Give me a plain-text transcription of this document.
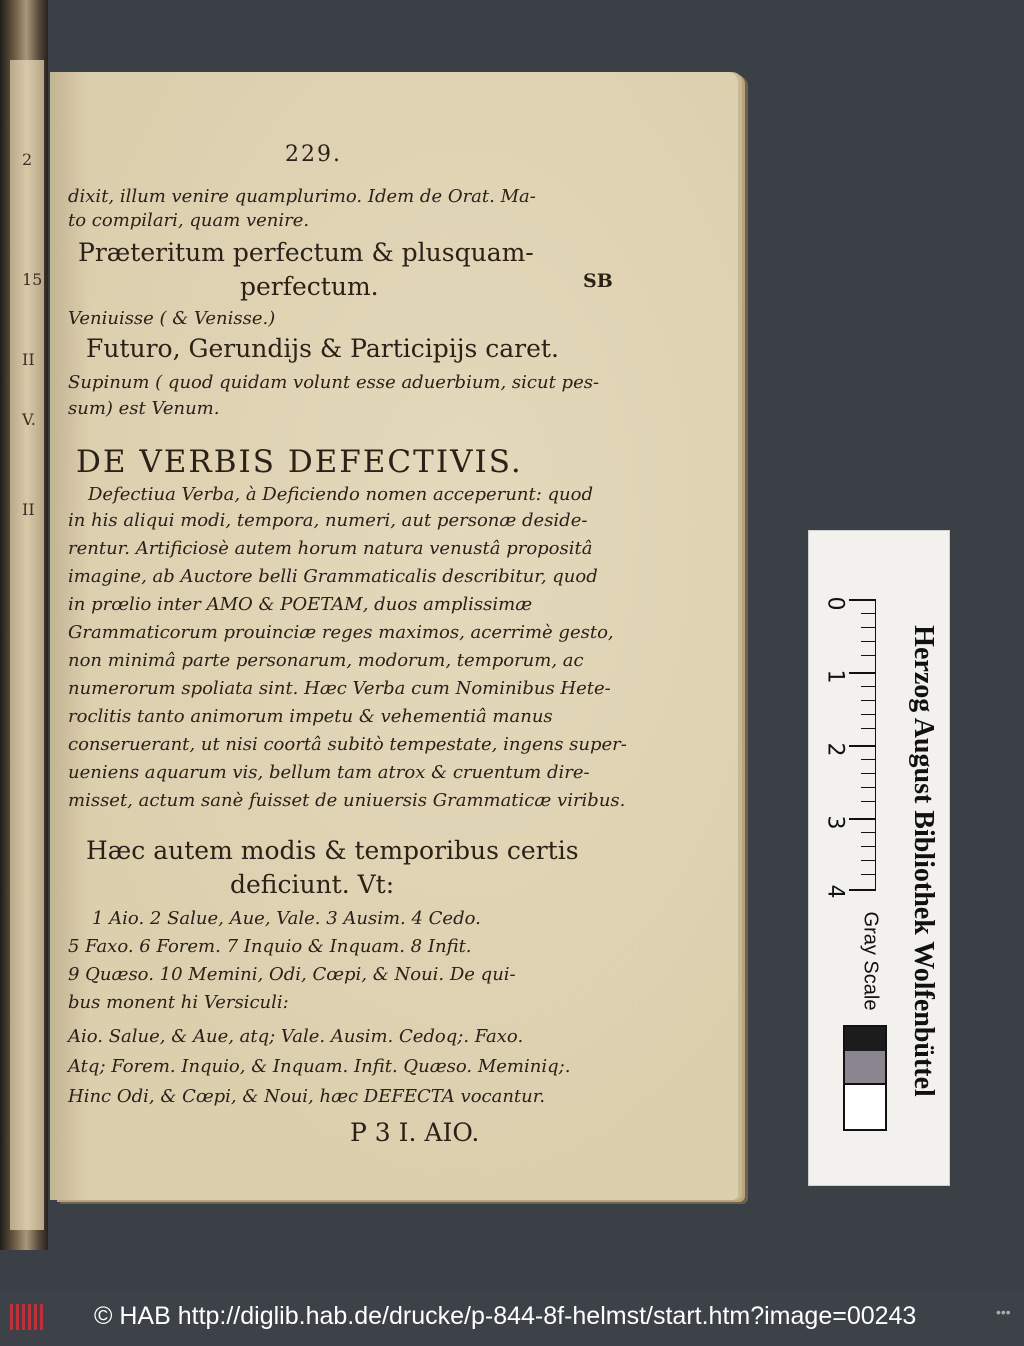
2
15
II
V.
II
229.
SB
dixit, illum venire quamplurimo. Idem de Orat. Ma-
to compilari, quam venire.
Præteritum perfectum & plusquam-
perfectum.
Veniuisse ( & Venisse.)
Futuro, Gerundijs & Participijs caret.
Supinum ( quod quidam volunt esse aduerbium, sicut pes-
sum) est Venum.
DE VERBIS DEFECTIVIS.
Defectiua Verba, à Deficiendo nomen acceperunt: quod
in his aliqui modi, tempora, numeri, aut personæ deside-
rentur. Artificiosè autem horum natura venustâ propositâ
imagine, ab Auctore belli Grammaticalis describitur, quod
in prœlio inter AMO & POETAM, duos amplissimæ
Grammaticorum prouinciæ reges maximos, acerrimè gesto,
non minimâ parte personarum, modorum, temporum, ac
numerorum spoliata sint. Hæc Verba cum Nominibus Hete-
roclitis tanto animorum impetu & vehementiâ manus
conseruerant, ut nisi coortâ subitò tempestate, ingens super-
ueniens aquarum vis, bellum tam atrox & cruentum dire-
misset, actum sanè fuisset de uniuersis Grammaticæ viribus.
Hæc autem modis & temporibus certis
deficiunt. Vt:
1 Aio. 2 Salue, Aue, Vale. 3 Ausim. 4 Cedo.
5 Faxo. 6 Forem. 7 Inquio & Inquam. 8 Infit.
9 Quæso. 10 Memini, Odi, Cœpi, & Noui. De qui-
bus monent hi Versiculi:
Aio. Salue, & Aue, atq; Vale. Ausim. Cedoq;. Faxo.
Atq; Forem. Inquio, & Inquam. Infit. Quæso. Meminiq;.
Hinc Odi, & Cœpi, & Noui, hæc DEFECTA vocantur.
P 3 I. AIO.
0
1
2
3
4
Gray Scale Herzog August Bibliothek Wolfenbüttel
© HAB http://diglib.hab.de/drucke/p-844-8f-helmst/start.htm?image=00243	•••
